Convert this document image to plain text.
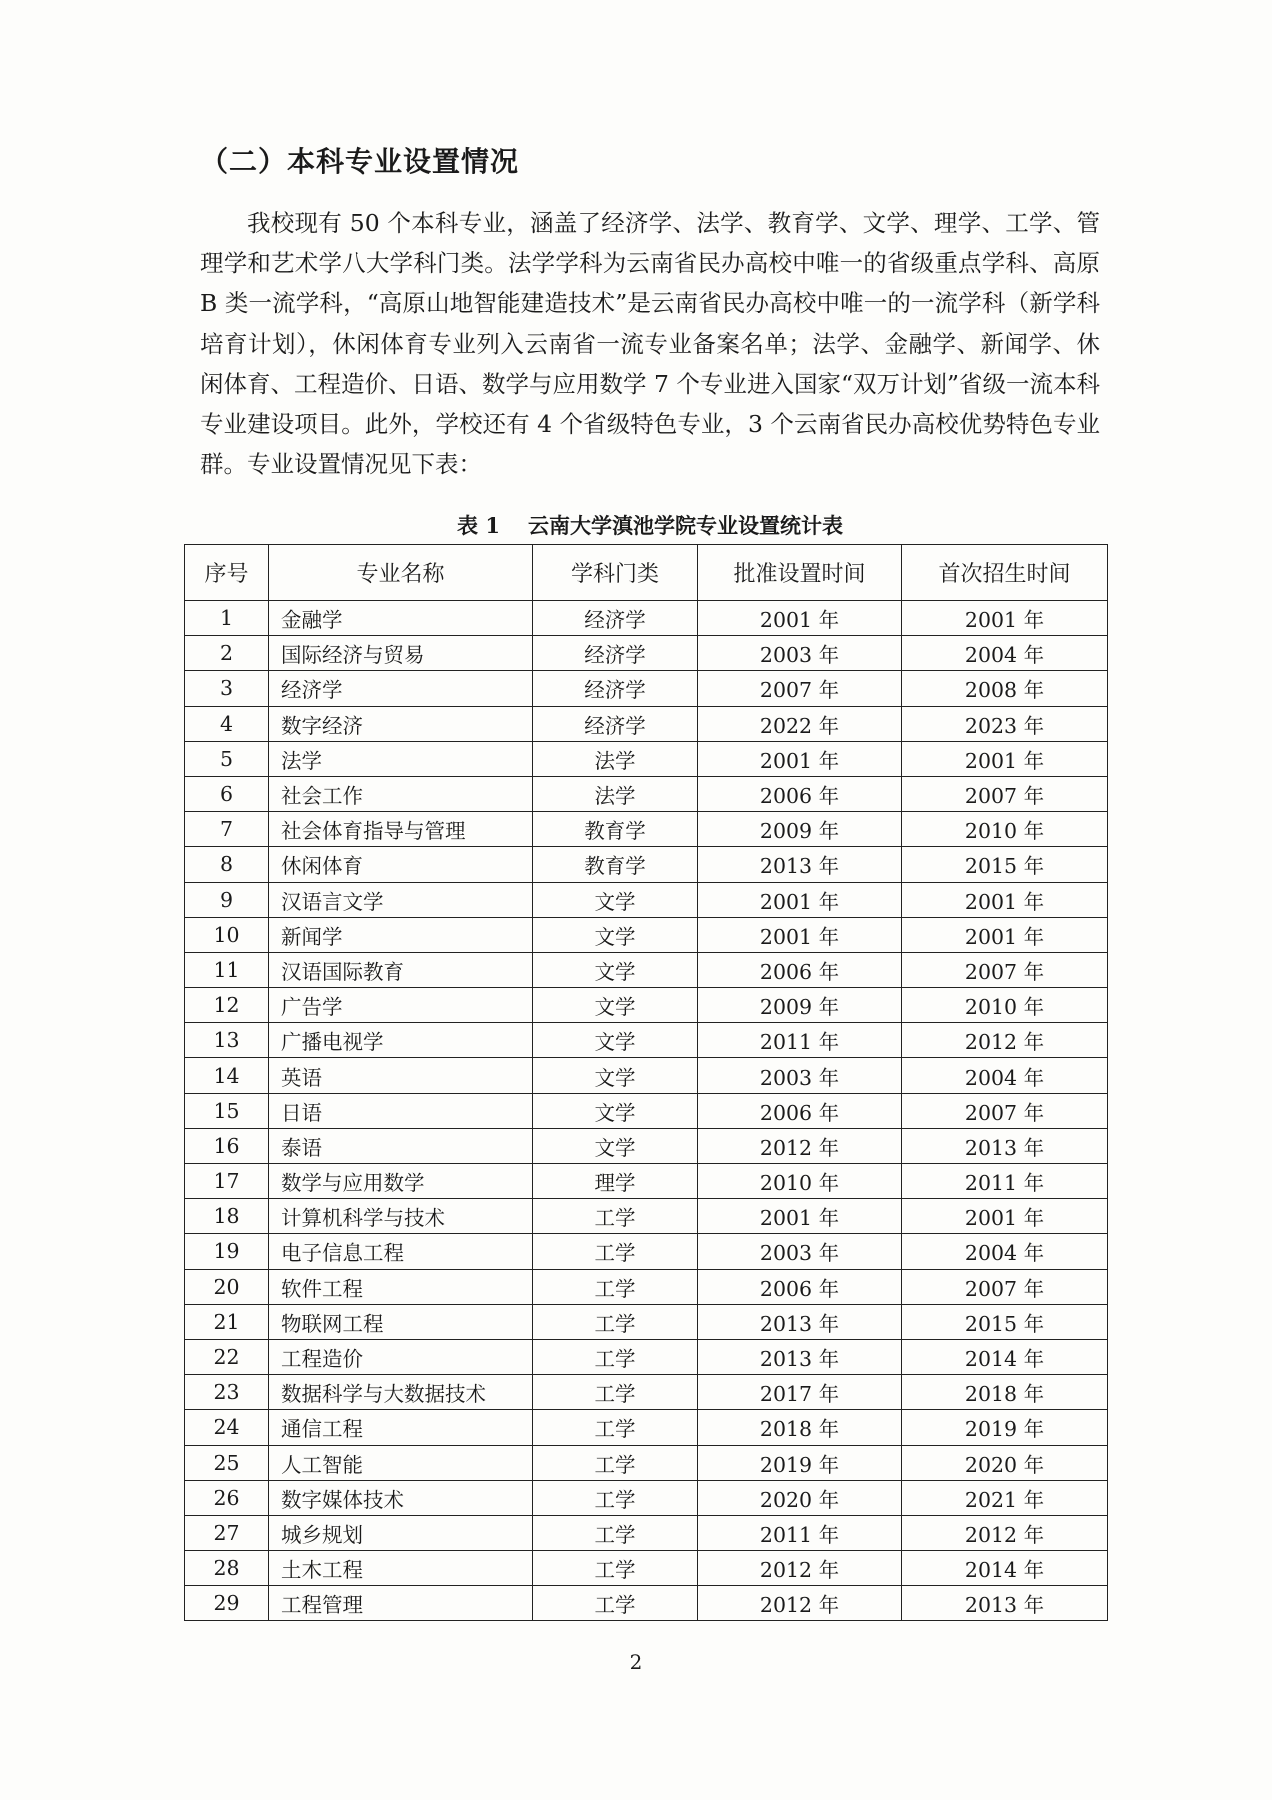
（二）本科专业设置情况
我校现有 50 个本科专业，涵盖了经济学、法学、教育学、文学、理学、工学、管理学和艺术学八大学科门类。法学学科为云南省民办高校中唯一的省级重点学科、高原 B 类一流学科，“高原山地智能建造技术”是云南省民办高校中唯一的一流学科（新学科培育计划），休闲体育专业列入云南省一流专业备案名单；法学、金融学、新闻学、休闲体育、工程造价、日语、数学与应用数学 7 个专业进入国家“双万计划”省级一流本科专业建设项目。此外，学校还有 4 个省级特色专业，3 个云南省民办高校优势特色专业群。专业设置情况见下表：
表 1 云南大学滇池学院专业设置统计表
序号	专业名称	学科门类	批准设置时间	首次招生时间
1	金融学	经济学	2001 年	2001 年
2	国际经济与贸易	经济学	2003 年	2004 年
3	经济学	经济学	2007 年	2008 年
4	数字经济	经济学	2022 年	2023 年
5	法学	法学	2001 年	2001 年
6	社会工作	法学	2006 年	2007 年
7	社会体育指导与管理	教育学	2009 年	2010 年
8	休闲体育	教育学	2013 年	2015 年
9	汉语言文学	文学	2001 年	2001 年
10	新闻学	文学	2001 年	2001 年
11	汉语国际教育	文学	2006 年	2007 年
12	广告学	文学	2009 年	2010 年
13	广播电视学	文学	2011 年	2012 年
14	英语	文学	2003 年	2004 年
15	日语	文学	2006 年	2007 年
16	泰语	文学	2012 年	2013 年
17	数学与应用数学	理学	2010 年	2011 年
18	计算机科学与技术	工学	2001 年	2001 年
19	电子信息工程	工学	2003 年	2004 年
20	软件工程	工学	2006 年	2007 年
21	物联网工程	工学	2013 年	2015 年
22	工程造价	工学	2013 年	2014 年
23	数据科学与大数据技术	工学	2017 年	2018 年
24	通信工程	工学	2018 年	2019 年
25	人工智能	工学	2019 年	2020 年
26	数字媒体技术	工学	2020 年	2021 年
27	城乡规划	工学	2011 年	2012 年
28	土木工程	工学	2012 年	2014 年
29	工程管理	工学	2012 年	2013 年
2
